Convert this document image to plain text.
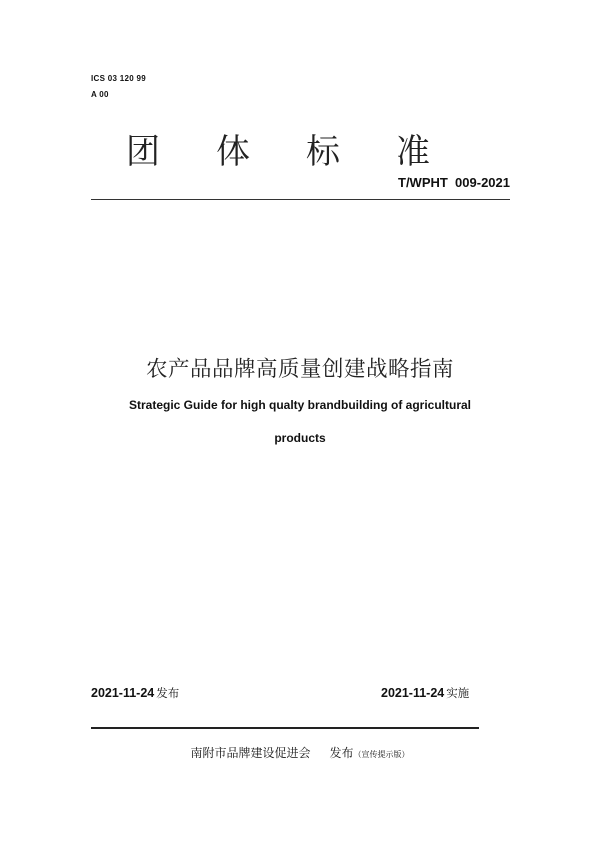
ICS 03 120 99
A 00
团体标准
T/WPHT  009-2021
农产品品牌高质量创建战略指南
Strategic Guide for high qualty brandbuilding of agricultural
products
2021-11-24 发布	2021-11-24 实施
南附市品牌建设促进会 发布（宣传提示版）
